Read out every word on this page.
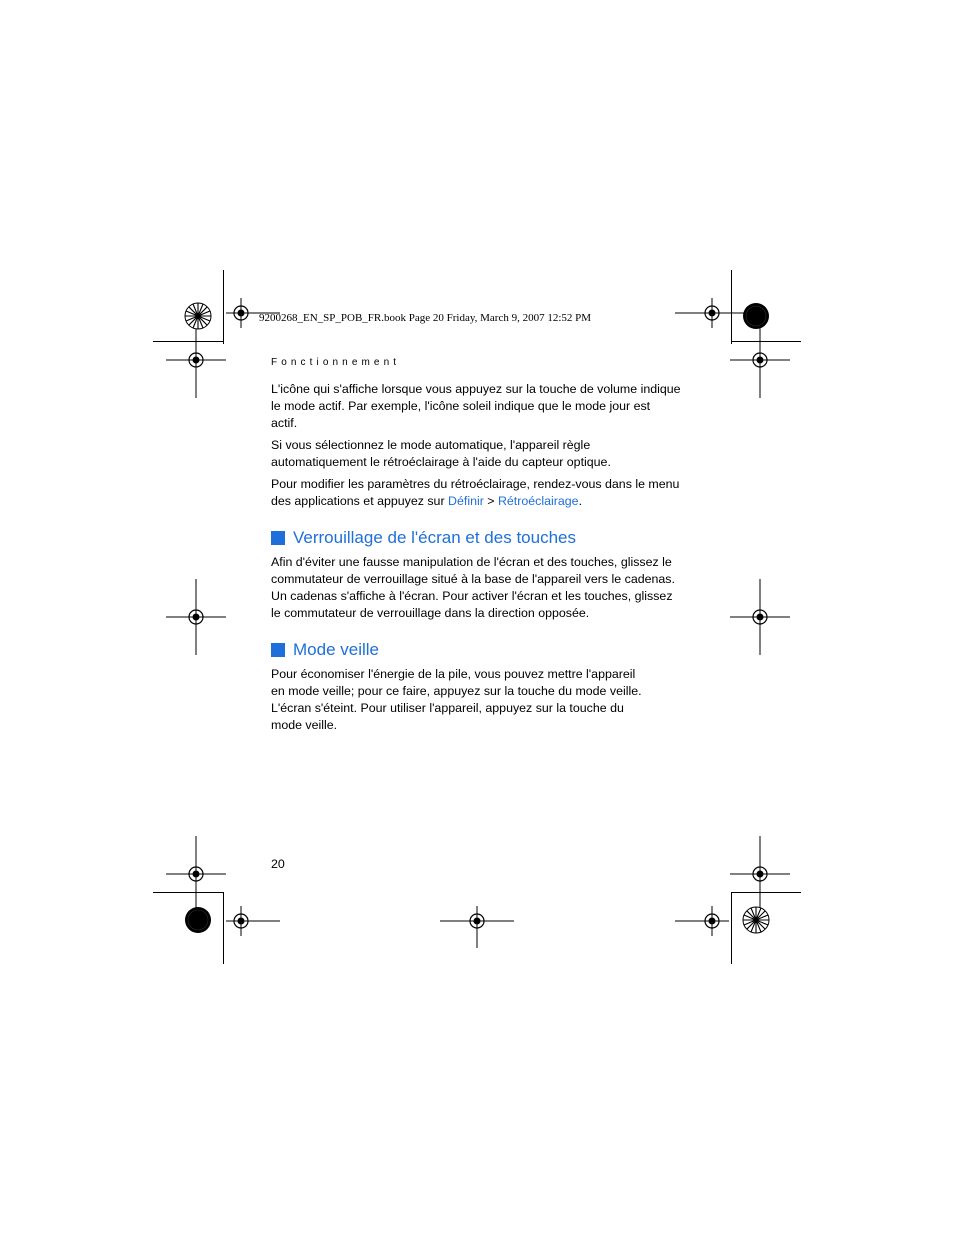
9200268_EN_SP_POB_FR.book Page 20 Friday, March 9, 2007 12:52 PM
Fonctionnement

L'icône qui s'affiche lorsque vous appuyez sur la touche de volume indique
le mode actif. Par exemple, l'icône soleil indique que le mode jour est
actif.

Si vous sélectionnez le mode automatique, l'appareil règle
automatiquement le rétroéclairage à l'aide du capteur optique.

Pour modifier les paramètres du rétroéclairage, rendez-vous dans le menu
des applications et appuyez sur Définir > Rétroéclairage.

Verrouillage de l'écran et des touches

Afin d'éviter une fausse manipulation de l'écran et des touches, glissez le
commutateur de verrouillage situé à la base de l'appareil vers le cadenas.
Un cadenas s'affiche à l'écran. Pour activer l'écran et les touches, glissez
le commutateur de verrouillage dans la direction opposée.

Mode veille

Pour économiser l'énergie de la pile, vous pouvez mettre l'appareil
en mode veille; pour ce faire, appuyez sur la touche du mode veille.
L'écran s'éteint. Pour utiliser l'appareil, appuyez sur la touche du
mode veille.

20
